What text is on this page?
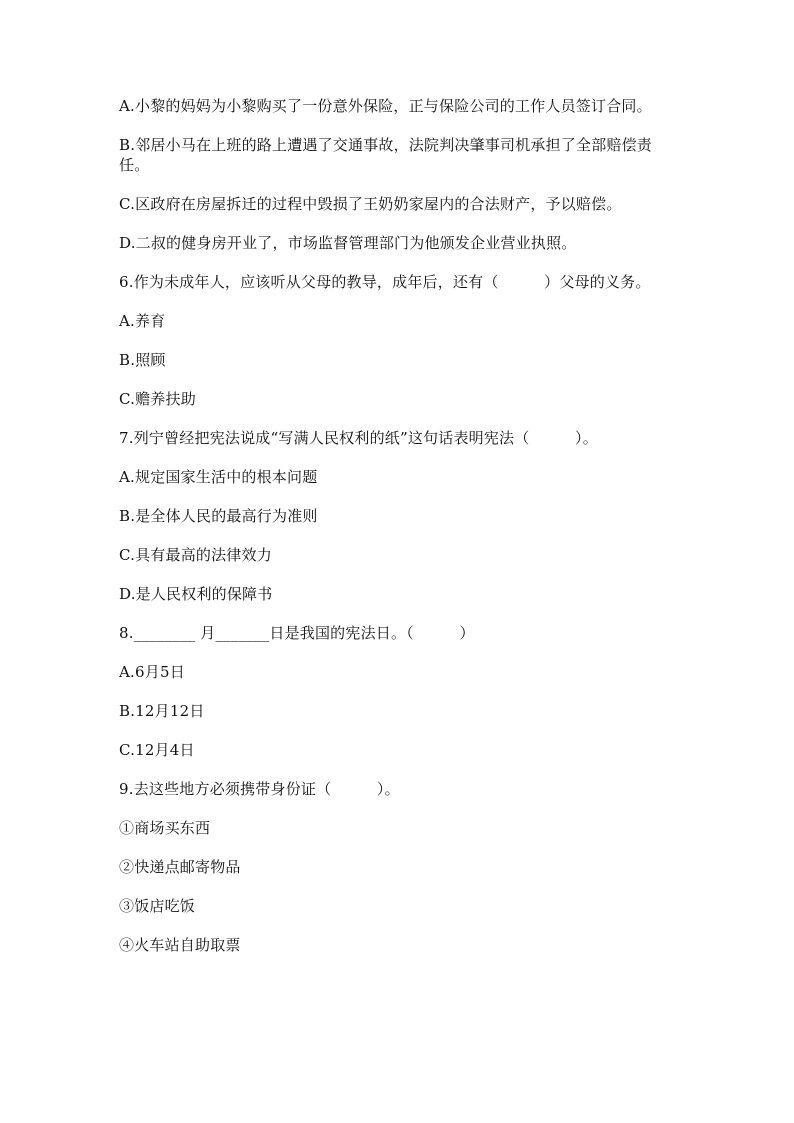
A.小黎的妈妈为小黎购买了一份意外保险，正与保险公司的工作人员签订合同。

B.邻居小马在上班的路上遭遇了交通事故，法院判决肇事司机承担了全部赔偿责任。

C.区政府在房屋拆迁的过程中毁损了王奶奶家屋内的合法财产，予以赔偿。

D.二叔的健身房开业了，市场监督管理部门为他颁发企业营业执照。

6.作为未成年人，应该听从父母的教导，成年后，还有（　　　）父母的义务。

A.养育

B.照顾

C.赡养扶助

7.列宁曾经把宪法说成“写满人民权利的纸”这句话表明宪法（　　　）。

A.规定国家生活中的根本问题

B.是全体人民的最高行为准则

C.具有最高的法律效力

D.是人民权利的保障书

8.________ 月_______日是我国的宪法日。（　　　）

A.6月5日

B.12月12日

C.12月4日

9.去这些地方必须携带身份证（　　　）。

①商场买东西

②快递点邮寄物品

③饭店吃饭

④火车站自助取票
